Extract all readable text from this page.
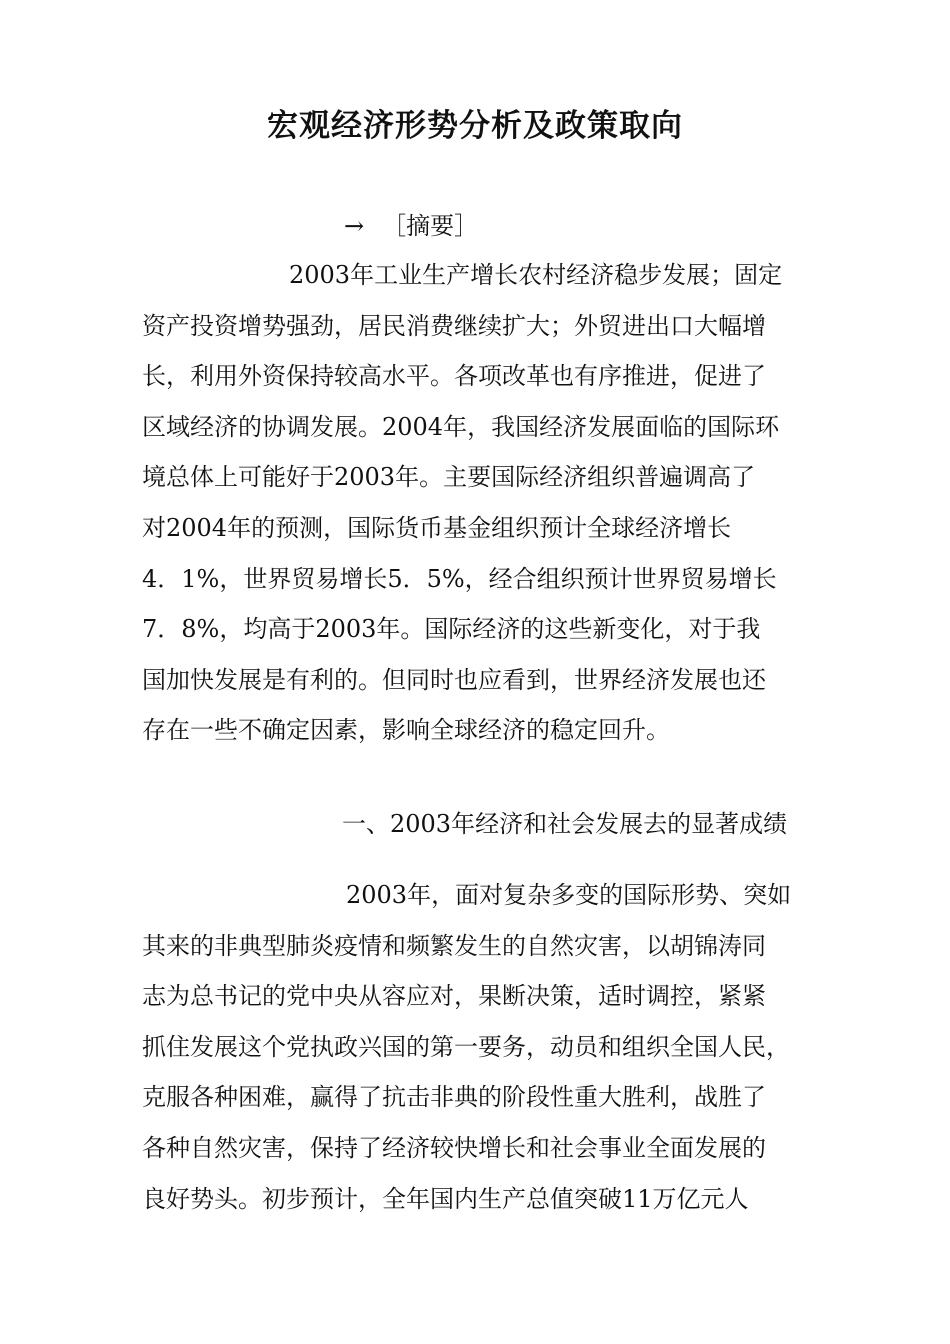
宏观经济形势分析及政策取向
→ ［摘要］
2003年工业生产增长农村经济稳步发展；固定
资产投资增势强劲，居民消费继续扩大；外贸进出口大幅增
长，利用外资保持较高水平。各项改革也有序推进，促进了
区域经济的协调发展。2004年，我国经济发展面临的国际环
境总体上可能好于2003年。主要国际经济组织普遍调高了
对2004年的预测，国际货币基金组织预计全球经济增长
4．1%，世界贸易增长5．5%，经合组织预计世界贸易增长
7．8%，均高于2003年。国际经济的这些新变化，对于我
国加快发展是有利的。但同时也应看到，世界经济发展也还
存在一些不确定因素，影响全球经济的稳定回升。
一、2003年经济和社会发展去的显著成绩
2003年，面对复杂多变的国际形势、突如
其来的非典型肺炎疫情和频繁发生的自然灾害，以胡锦涛同
志为总书记的党中央从容应对，果断决策，适时调控，紧紧
抓住发展这个党执政兴国的第一要务，动员和组织全国人民，
克服各种困难，赢得了抗击非典的阶段性重大胜利，战胜了
各种自然灾害，保持了经济较快增长和社会事业全面发展的
良好势头。初步预计，全年国内生产总值突破11万亿元人
